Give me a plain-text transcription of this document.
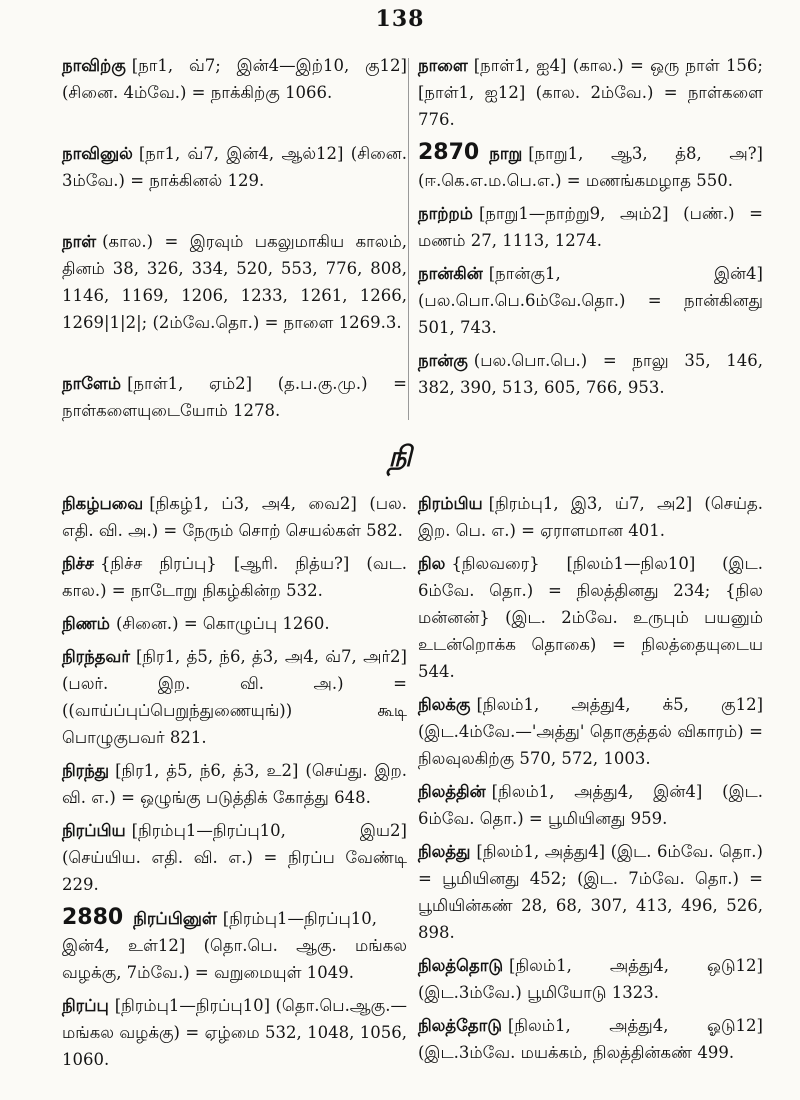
138

நாவிற்கு [நா1, வ்7; இன்4—இற்10, கு12] (சினை. 4ம்வே.) = நாக்கிற்கு 1066.

நாவினுல் [நா1, வ்7, இன்4, ஆல்12] (சினை. 3ம்வே.) = நாக்கினல் 129.

நாள் (கால.) = இரவும் பகலுமாகிய காலம், தினம் 38, 326, 334, 520, 553, 776, 808, 1146, 1169, 1206, 1233, 1261, 1266, 1269|1|2|; (2ம்வே.தொ.) = நாளை 1269.3.

நாளேம் [நாள்1, ஏம்2] (த.ப.கு.மு.) = நாள்களையுடையோம் 1278.

நாளை [நாள்1, ஐ4] (கால.) = ஒரு நாள் 156; [நாள்1, ஐ12] (கால. 2ம்வே.) = நாள்களை 776.

2870 நாறு [நாறு1, ஆ3, த்8, அ?] (ஈ.கெ.எ.ம.பெ.எ.) = மணங்கமழாத 550.

நாற்றம் [நாறு1—நாற்று9, அம்2] (பண்.) = மணம் 27, 1113, 1274.

நான்கின் [நான்கு1, இன்4] (பல.பொ.பெ.6ம்வே.தொ.) = நான்கினது 501, 743.

நான்கு (பல.பொ.பெ.) = நாலு 35, 146, 382, 390, 513, 605, 766, 953.

நி

நிகழ்பவை [நிகழ்1, ப்3, அ4, வை2] (பல. எதி. வி. அ.) = நேரும் சொற் செயல்கள் 582.

நிச்ச {நிச்ச நிரப்பு} [ஆரி. நித்ய?] (வட. கால.) = நாடோறு நிகழ்கின்ற 532.

நிணம் (சினை.) = கொழுப்பு 1260.

நிரந்தவர் [நிர1, த்5, ந்6, த்3, அ4, வ்7, அர்2] (பலர். இற. வி. அ.) = ((வாய்ப்புப்பெறுந்துணையுங்)) கூடி பொழுகுபவர் 821.

நிரந்து [நிர1, த்5, ந்6, த்3, உ2] (செய்து. இற. வி. எ.) = ஒழுங்கு படுத்திக் கோத்து 648.

நிரப்பிய [நிரம்பு1—நிரப்பு10, இய2] (செய்யிய. எதி. வி. எ.) = நிரப்ப வேண்டி 229.

2880 நிரப்பினுள் [நிரம்பு1—நிரப்பு10, இன்4, உள்12] (தொ.பெ. ஆகு. மங்கல வழக்கு, 7ம்வே.) = வறுமையுள் 1049.

நிரப்பு [நிரம்பு1—நிரப்பு10] (தொ.பெ.ஆகு.—மங்கல வழக்கு) = ஏழ்மை 532, 1048, 1056, 1060.

நிரம்பிய [நிரம்பு1, இ3, ய்7, அ2] (செய்த. இற. பெ. எ.) = ஏராளமான 401.

நில {நிலவரை} [நிலம்1—நில10] (இட. 6ம்வே. தொ.) = நிலத்தினது 234; {நில மன்னன்} (இட. 2ம்வே. உருபும் பயனும் உடன்றொக்க தொகை) = நிலத்தையுடைய 544.

நிலக்கு [நிலம்1, அத்து4, க்5, கு12] (இட.4ம்வே.—'அத்து' தொகுத்தல் விகாரம்) = நிலவுலகிற்கு 570, 572, 1003.

நிலத்தின் [நிலம்1, அத்து4, இன்4] (இட. 6ம்வே. தொ.) = பூமியினது 959.

நிலத்து [நிலம்1, அத்து4] (இட. 6ம்வே. தொ.) = பூமியினது 452; (இட. 7ம்வே. தொ.) = பூமியின்கண் 28, 68, 307, 413, 496, 526, 898.

நிலத்தொடு [நிலம்1, அத்து4, ஒடு12] (இட.3ம்வே.) பூமியோடு 1323.

நிலத்தோடு [நிலம்1, அத்து4, ஓடு12] (இட.3ம்வே. மயக்கம், நிலத்தின்கண் 499.
